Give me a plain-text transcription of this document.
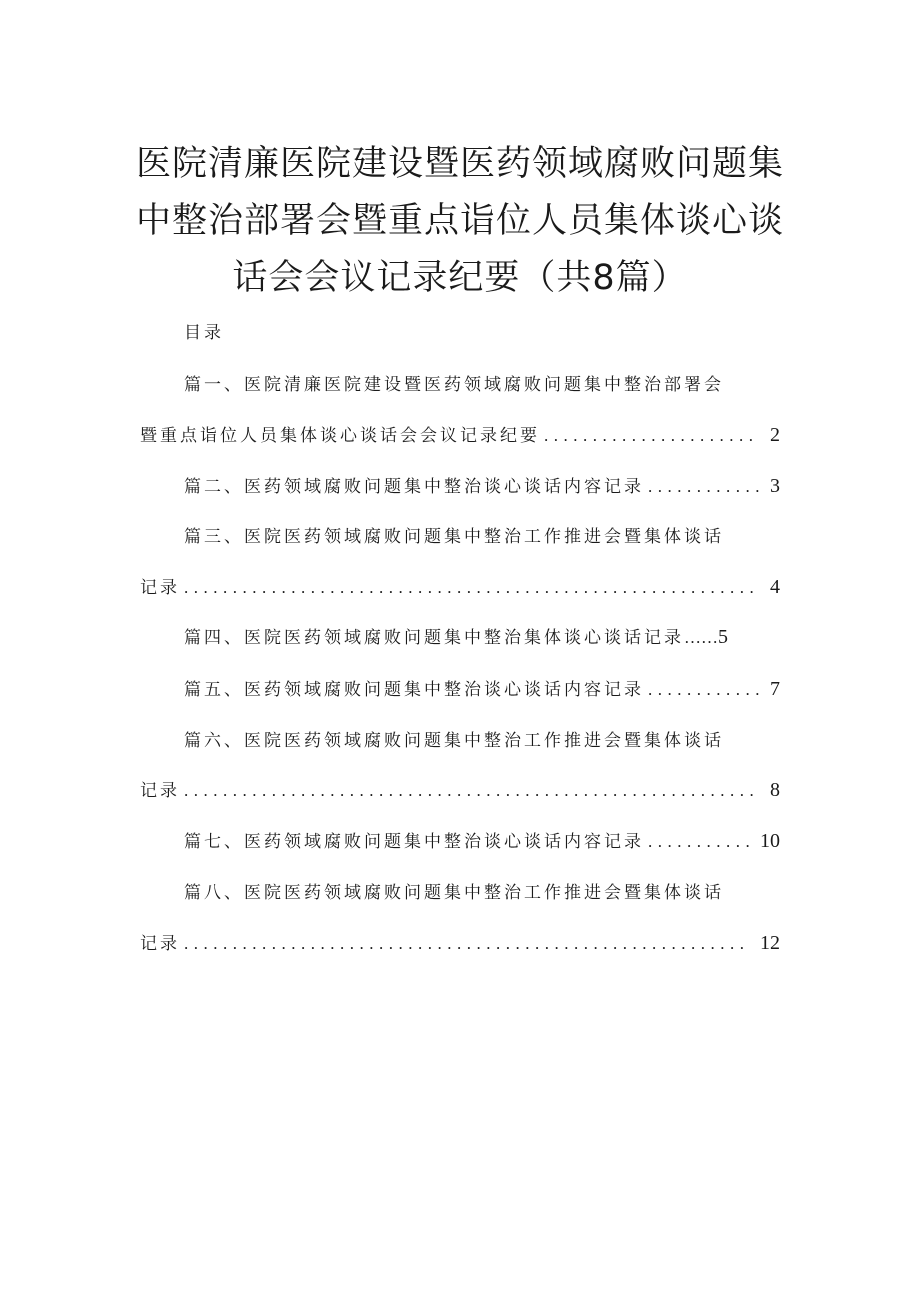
医院清廉医院建设暨医药领域腐败问题集
中整治部署会暨重点诣位人员集体谈心谈
话会会议记录纪要（共8篇）
目录
篇一、医院清廉医院建设暨医药领域腐败问题集中整治部署会
暨重点诣位人员集体谈心谈话会会议记录纪要 ...................... 2
篇二、医药领域腐败问题集中整治谈心谈话内容记录 ............ 3
篇三、医院医药领域腐败问题集中整治工作推进会暨集体谈话
记录 ........................................................... 4
篇四、医院医药领域腐败问题集中整治集体谈心谈话记录 …… 5
篇五、医药领域腐败问题集中整治谈心谈话内容记录 ............ 7
篇六、医院医药领域腐败问题集中整治工作推进会暨集体谈话
记录 ........................................................... 8
篇七、医药领域腐败问题集中整治谈心谈话内容记录 ........... 10
篇八、医院医药领域腐败问题集中整治工作推进会暨集体谈话
记录 .......................................................... 12
